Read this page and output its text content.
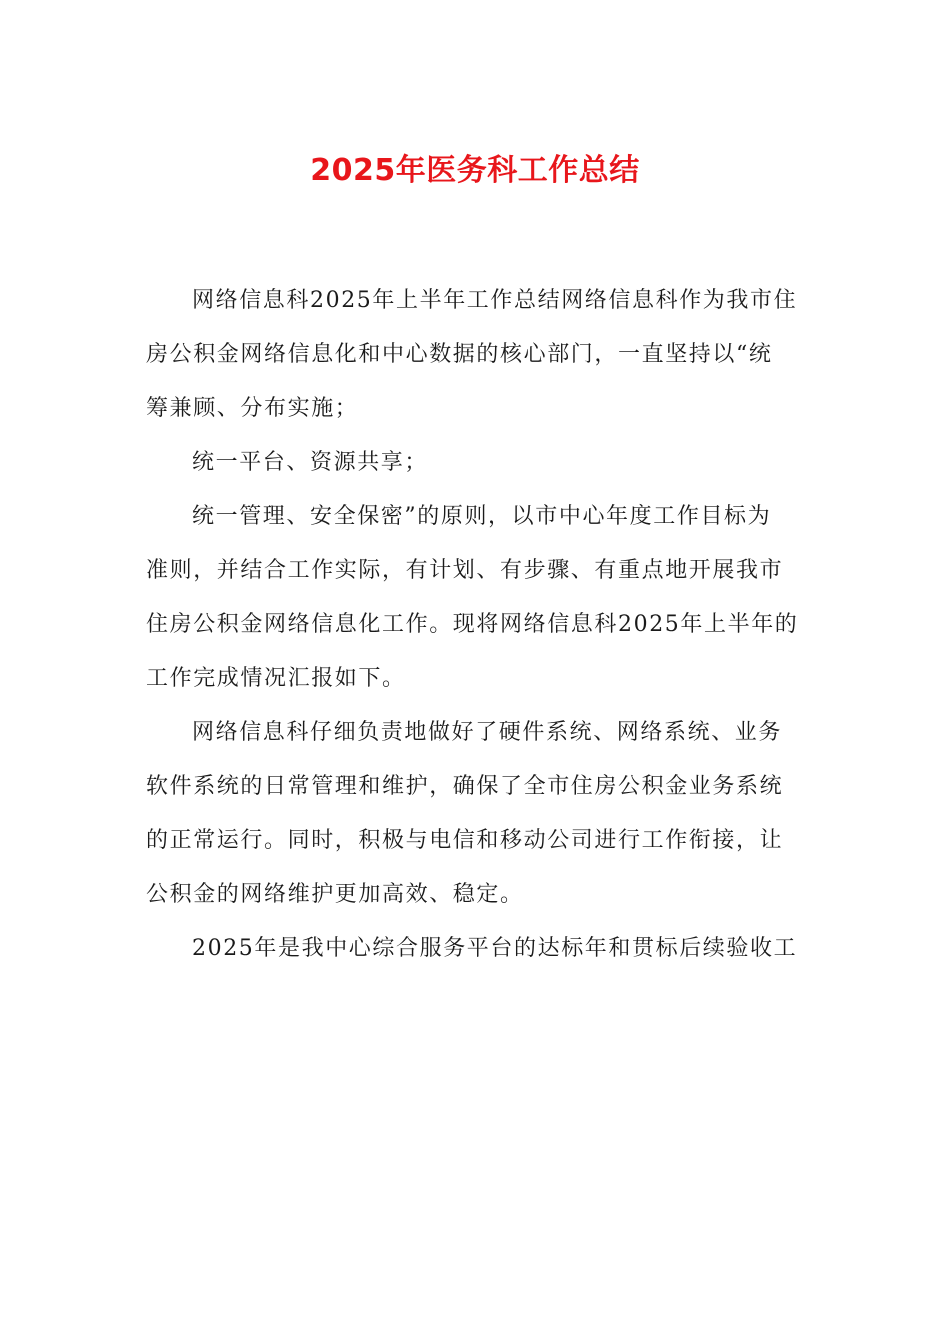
2025年医务科工作总结
网络信息科2025年上半年工作总结网络信息科作为我市住
房公积金网络信息化和中心数据的核心部门，一直坚持以“统
筹兼顾、分布实施；
统一平台、资源共享；
统一管理、安全保密”的原则，以市中心年度工作目标为
准则，并结合工作实际，有计划、有步骤、有重点地开展我市
住房公积金网络信息化工作。现将网络信息科2025年上半年的
工作完成情况汇报如下。
网络信息科仔细负责地做好了硬件系统、网络系统、业务
软件系统的日常管理和维护，确保了全市住房公积金业务系统
的正常运行。同时，积极与电信和移动公司进行工作衔接，让
公积金的网络维护更加高效、稳定。
2025年是我中心综合服务平台的达标年和贯标后续验收工
